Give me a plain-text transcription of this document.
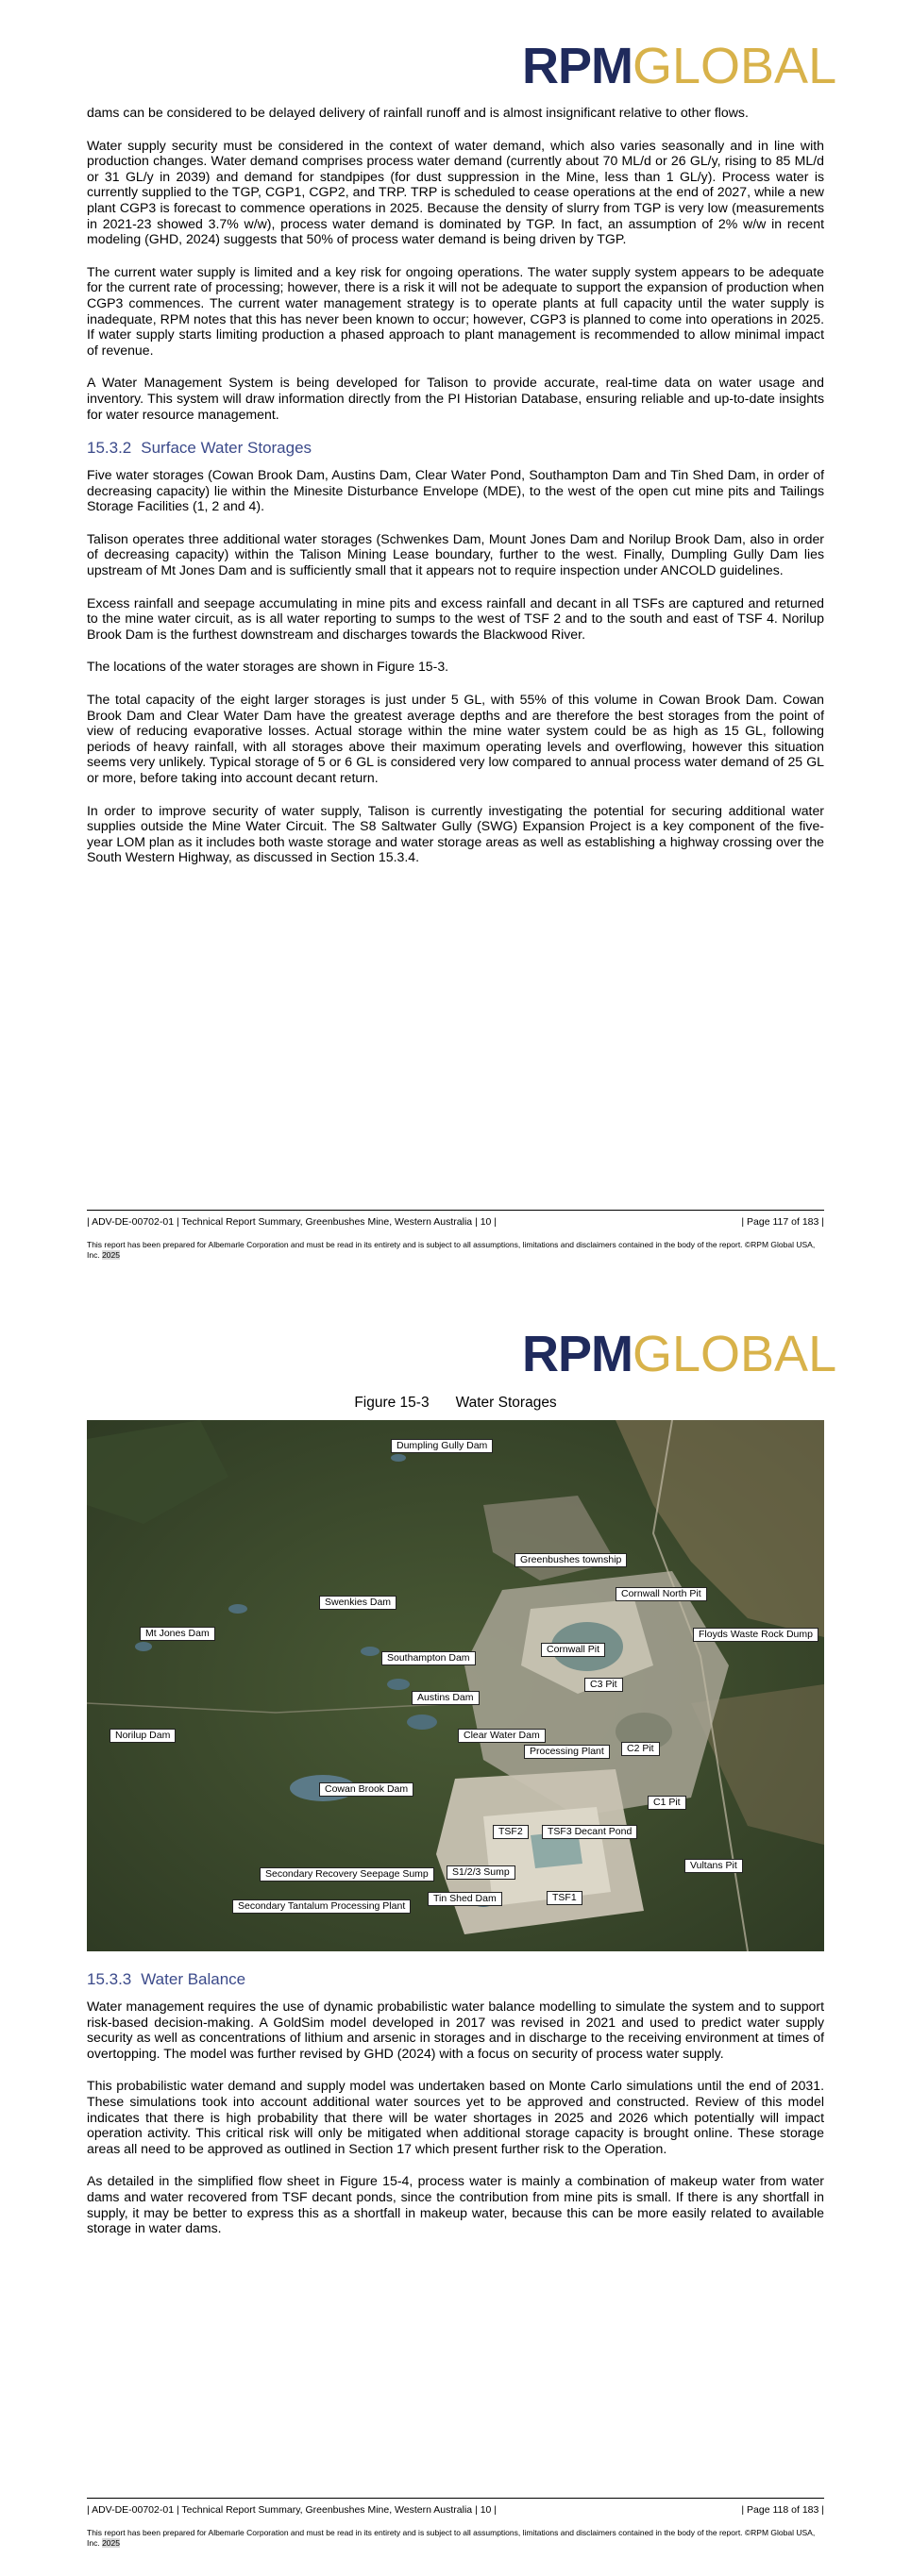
RPMGLOBAL

dams can be considered to be delayed delivery of rainfall runoff and is almost insignificant relative to other flows.

Water supply security must be considered in the context of water demand, which also varies seasonally and in line with production changes. Water demand comprises process water demand (currently about 70 ML/d or 26 GL/y, rising to 85 ML/d or 31 GL/y in 2039) and demand for standpipes (for dust suppression in the Mine, less than 1 GL/y). Process water is currently supplied to the TGP, CGP1, CGP2, and TRP. TRP is scheduled to cease operations at the end of 2027, while a new plant CGP3 is forecast to commence operations in 2025. Because the density of slurry from TGP is very low (measurements in 2021-23 showed 3.7% w/w), process water demand is dominated by TGP. In fact, an assumption of 2% w/w in recent modeling (GHD, 2024) suggests that 50% of process water demand is being driven by TGP.

The current water supply is limited and a key risk for ongoing operations. The water supply system appears to be adequate for the current rate of processing; however, there is a risk it will not be adequate to support the expansion of production when CGP3 commences. The current water management strategy is to operate plants at full capacity until the water supply is inadequate, RPM notes that this has never been known to occur; however, CGP3 is planned to come into operations in 2025. If water supply starts limiting production a phased approach to plant management is recommended to allow minimal impact of revenue.

A Water Management System is being developed for Talison to provide accurate, real-time data on water usage and inventory. This system will draw information directly from the PI Historian Database, ensuring reliable and up-to-date insights for water resource management.

15.3.2 Surface Water Storages

Five water storages (Cowan Brook Dam, Austins Dam, Clear Water Pond, Southampton Dam and Tin Shed Dam, in order of decreasing capacity) lie within the Minesite Disturbance Envelope (MDE), to the west of the open cut mine pits and Tailings Storage Facilities (1, 2 and 4).

Talison operates three additional water storages (Schwenkes Dam, Mount Jones Dam and Norilup Brook Dam, also in order of decreasing capacity) within the Talison Mining Lease boundary, further to the west. Finally, Dumpling Gully Dam lies upstream of Mt Jones Dam and is sufficiently small that it appears not to require inspection under ANCOLD guidelines.

Excess rainfall and seepage accumulating in mine pits and excess rainfall and decant in all TSFs are captured and returned to the mine water circuit, as is all water reporting to sumps to the west of TSF 2 and to the south and east of TSF 4. Norilup Brook Dam is the furthest downstream and discharges towards the Blackwood River.

The locations of the water storages are shown in Figure 15-3.

The total capacity of the eight larger storages is just under 5 GL, with 55% of this volume in Cowan Brook Dam. Cowan Brook Dam and Clear Water Dam have the greatest average depths and are therefore the best storages from the point of view of reducing evaporative losses. Actual storage within the mine water system could be as high as 15 GL, following periods of heavy rainfall, with all storages above their maximum operating levels and overflowing, however this situation seems very unlikely. Typical storage of 5 or 6 GL is considered very low compared to annual process water demand of 25 GL or more, before taking into account decant return.

In order to improve security of water supply, Talison is currently investigating the potential for securing additional water supplies outside the Mine Water Circuit. The S8 Saltwater Gully (SWG) Expansion Project is a key component of the five-year LOM plan as it includes both waste storage and water storage areas as well as establishing a highway crossing over the South Western Highway, as discussed in Section 15.3.4.

| ADV-DE-00702-01 | Technical Report Summary, Greenbushes Mine, Western Australia | 10 |	| Page 117 of 183 |
This report has been prepared for Albemarle Corporation and must be read in its entirety and is subject to all assumptions, limitations and disclaimers contained in the body of the report. ©RPM Global USA, Inc. 2025
RPMGLOBAL
Figure 15-3 Water Storages
Dumpling Gully Dam
Greenbushes township
Cornwall North Pit
Swenkies Dam
Floyds Waste Rock Dump
Mt Jones Dam
Cornwall Pit
Southampton Dam
C3 Pit
Austins Dam
Norilup Dam	Clear Water Dam
Processing Plant	C2 Pit
Cowan Brook Dam
C1 Pit
TSF2	TSF3 Decant Pond
Vultans Pit
Secondary Recovery Seepage Sump	S1/2/3 Sump
Tin Shed Dam	TSF1
Secondary Tantalum Processing Plant
15.3.3 Water Balance

Water management requires the use of dynamic probabilistic water balance modelling to simulate the system and to support risk-based decision-making. A GoldSim model developed in 2017 was revised in 2021 and used to predict water supply security as well as concentrations of lithium and arsenic in storages and in discharge to the receiving environment at times of overtopping. The model was further revised by GHD (2024) with a focus on security of process water supply.

This probabilistic water demand and supply model was undertaken based on Monte Carlo simulations until the end of 2031. These simulations took into account additional water sources yet to be approved and constructed. Review of this model indicates that there is high probability that there will be water shortages in 2025 and 2026 which potentially will impact operation activity. This critical risk will only be mitigated when additional storage capacity is brought online. These storage areas all need to be approved as outlined in Section 17 which present further risk to the Operation.

As detailed in the simplified flow sheet in Figure 15-4, process water is mainly a combination of makeup water from water dams and water recovered from TSF decant ponds, since the contribution from mine pits is small. If there is any shortfall in supply, it may be better to express this as a shortfall in makeup water, because this can be more easily related to available storage in water dams.

| ADV-DE-00702-01 | Technical Report Summary, Greenbushes Mine, Western Australia | 10 |	| Page 118 of 183 |
This report has been prepared for Albemarle Corporation and must be read in its entirety and is subject to all assumptions, limitations and disclaimers contained in the body of the report. ©RPM Global USA, Inc. 2025
